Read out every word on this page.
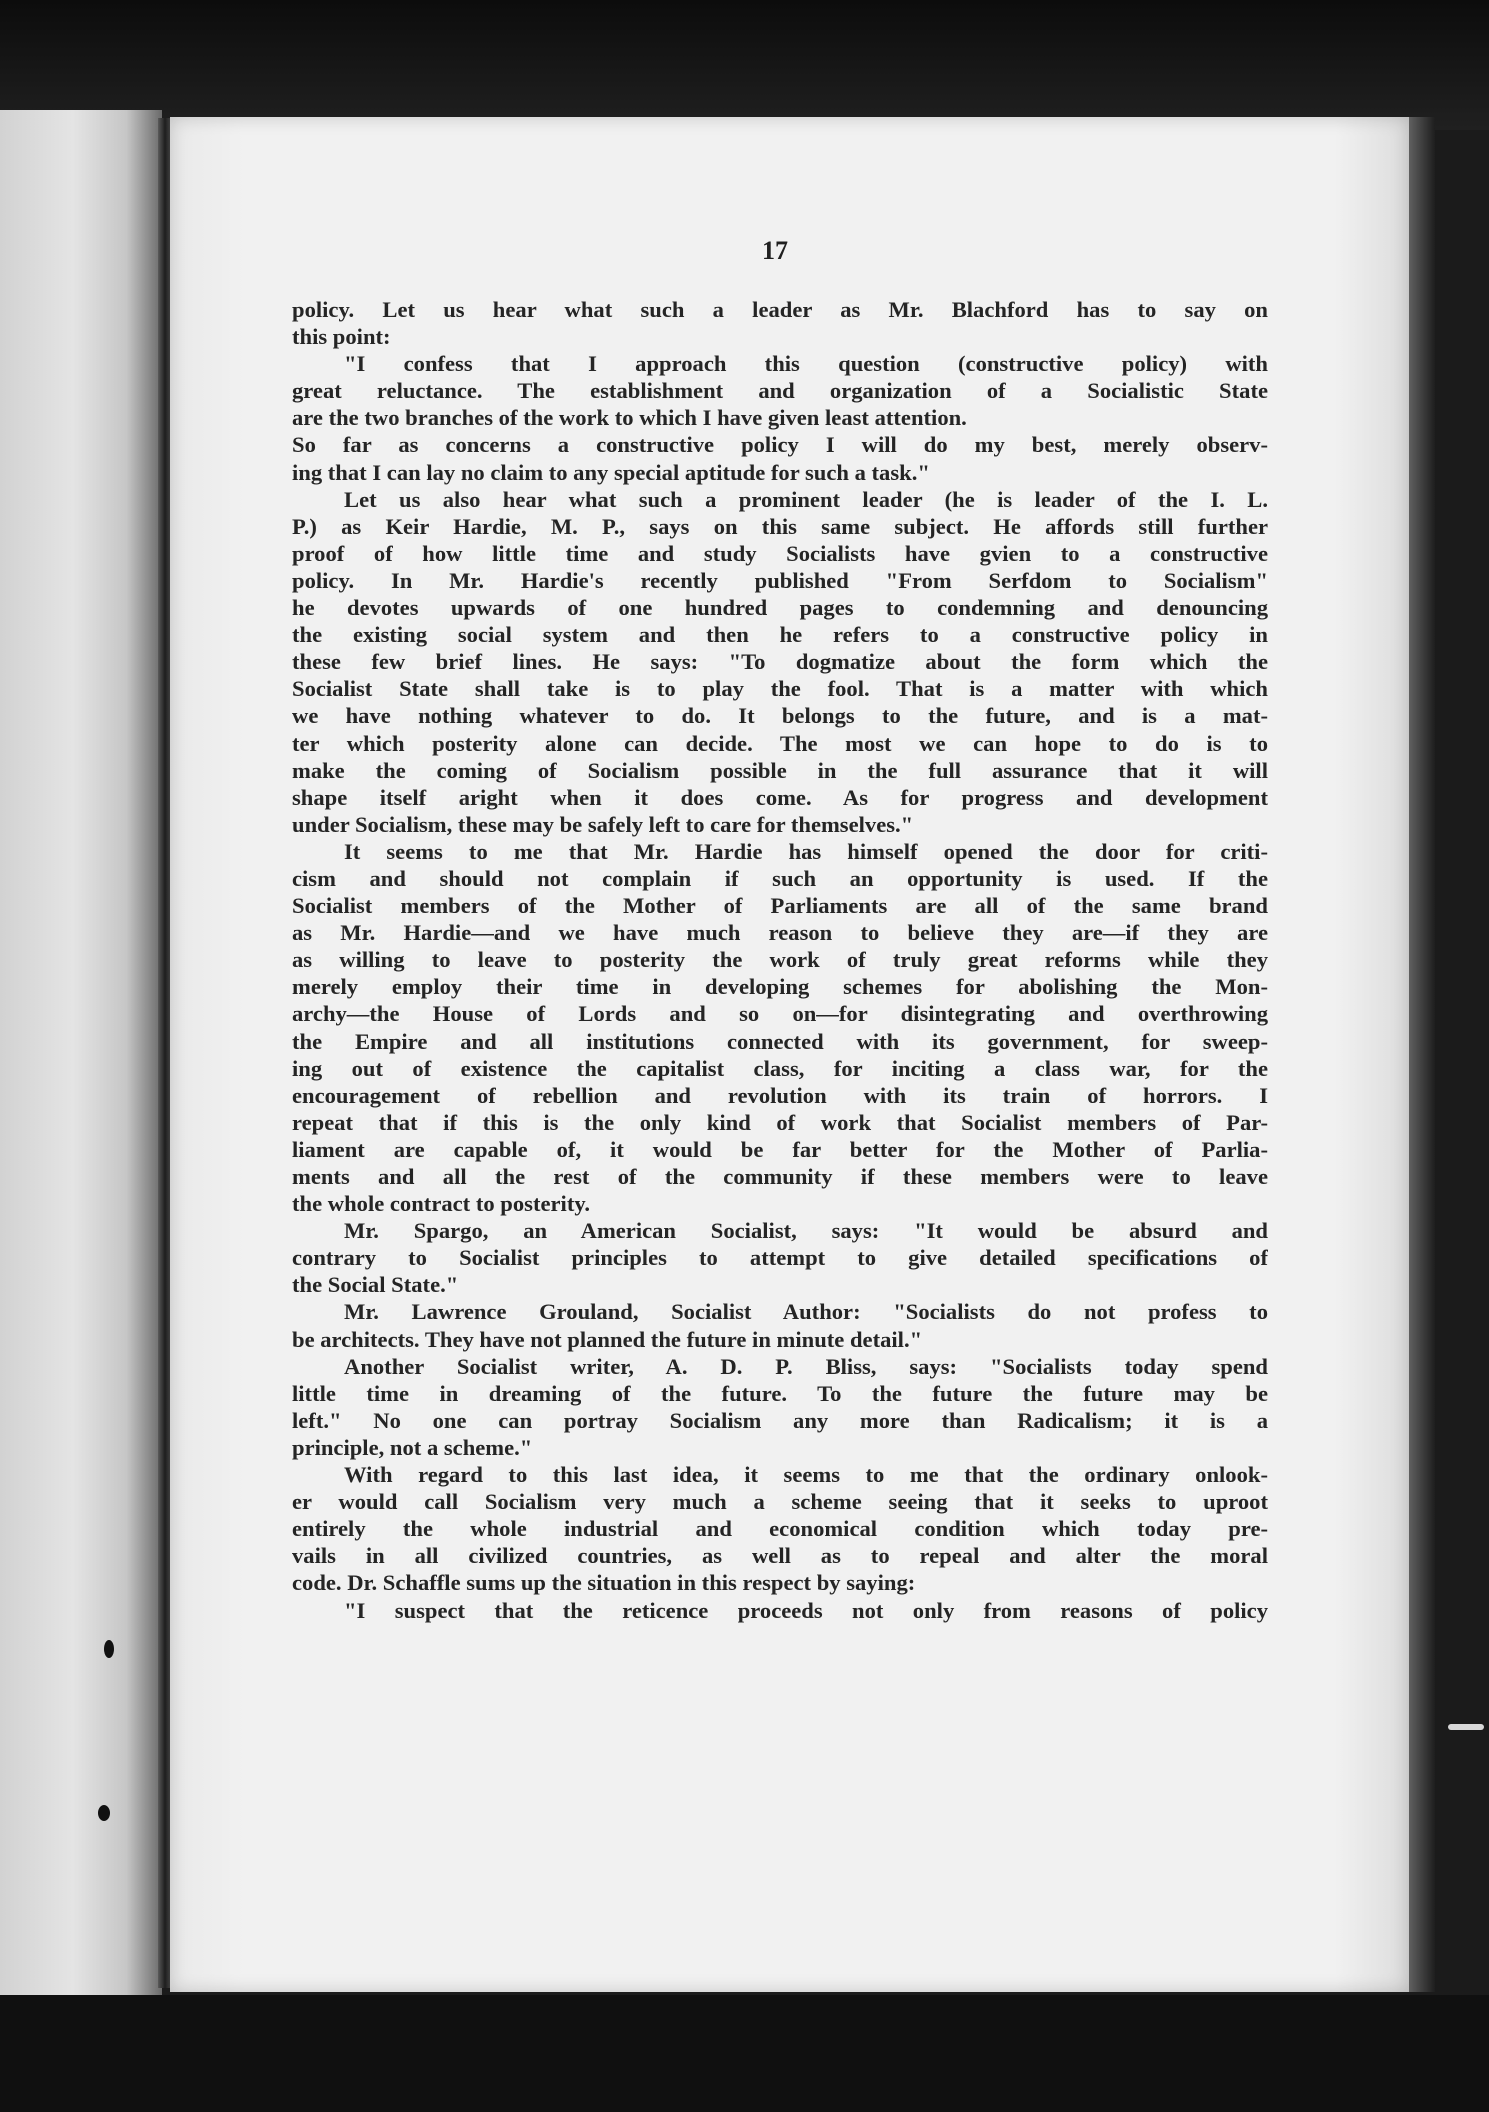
17
policy. Let us hear what such a leader as Mr. Blachford has to say on
this point:
"I confess that I approach this question (constructive policy) with
great reluctance. The establishment and organization of a Socialistic State
are the two branches of the work to which I have given least attention.
So far as concerns a constructive policy I will do my best, merely observ-
ing that I can lay no claim to any special aptitude for such a task."
Let us also hear what such a prominent leader (he is leader of the I. L.
P.) as Keir Hardie, M. P., says on this same subject. He affords still further
proof of how little time and study Socialists have gvien to a constructive
policy. In Mr. Hardie's recently published "From Serfdom to Socialism"
he devotes upwards of one hundred pages to condemning and denouncing
the existing social system and then he refers to a constructive policy in
these few brief lines. He says: "To dogmatize about the form which the
Socialist State shall take is to play the fool. That is a matter with which
we have nothing whatever to do. It belongs to the future, and is a mat-
ter which posterity alone can decide. The most we can hope to do is to
make the coming of Socialism possible in the full assurance that it will
shape itself aright when it does come. As for progress and development
under Socialism, these may be safely left to care for themselves."
It seems to me that Mr. Hardie has himself opened the door for criti-
cism and should not complain if such an opportunity is used. If the
Socialist members of the Mother of Parliaments are all of the same brand
as Mr. Hardie—and we have much reason to believe they are—if they are
as willing to leave to posterity the work of truly great reforms while they
merely employ their time in developing schemes for abolishing the Mon-
archy—the House of Lords and so on—for disintegrating and overthrowing
the Empire and all institutions connected with its government, for sweep-
ing out of existence the capitalist class, for inciting a class war, for the
encouragement of rebellion and revolution with its train of horrors. I
repeat that if this is the only kind of work that Socialist members of Par-
liament are capable of, it would be far better for the Mother of Parlia-
ments and all the rest of the community if these members were to leave
the whole contract to posterity.
Mr. Spargo, an American Socialist, says: "It would be absurd and
contrary to Socialist principles to attempt to give detailed specifications of
the Social State."
Mr. Lawrence Grouland, Socialist Author: "Socialists do not profess to
be architects. They have not planned the future in minute detail."
Another Socialist writer, A. D. P. Bliss, says: "Socialists today spend
little time in dreaming of the future. To the future the future may be
left." No one can portray Socialism any more than Radicalism; it is a
principle, not a scheme."
With regard to this last idea, it seems to me that the ordinary onlook-
er would call Socialism very much a scheme seeing that it seeks to uproot
entirely the whole industrial and economical condition which today pre-
vails in all civilized countries, as well as to repeal and alter the moral
code. Dr. Schaffle sums up the situation in this respect by saying:
"I suspect that the reticence proceeds not only from reasons of policy
